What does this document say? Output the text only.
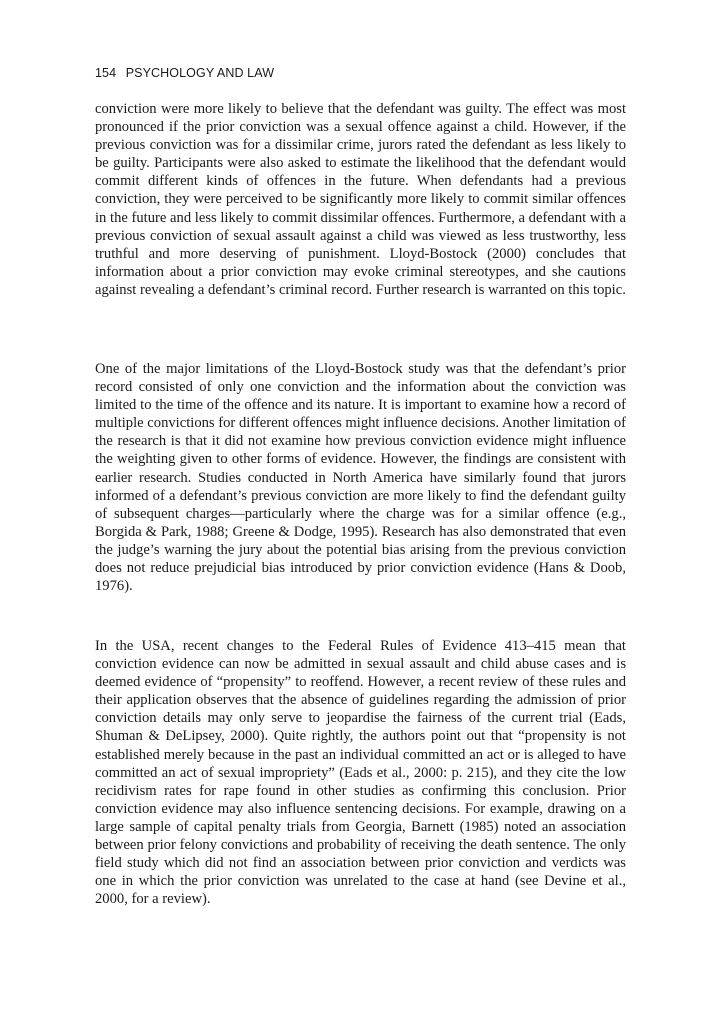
154 PSYCHOLOGY AND LAW

conviction were more likely to believe that the defendant was guilty. The effect was most pronounced if the prior conviction was a sexual offence against a child. However, if the previous conviction was for a dissimilar crime, jurors rated the defendant as less likely to be guilty. Participants were also asked to estimate the likelihood that the defendant would commit different kinds of offences in the future. When defendants had a previous conviction, they were perceived to be significantly more likely to commit similar offences in the future and less likely to commit dissimilar offences. Furthermore, a defendant with a previous conviction of sexual assault against a child was viewed as less trustworthy, less truthful and more deserving of punishment. Lloyd-Bostock (2000) concludes that information about a prior conviction may evoke criminal stereotypes, and she cautions against revealing a defendant’s criminal record. Further research is warranted on this topic.

One of the major limitations of the Lloyd-Bostock study was that the defendant’s prior record consisted of only one conviction and the information about the conviction was limited to the time of the offence and its nature. It is important to examine how a record of multiple convictions for different offences might influence decisions. Another limitation of the research is that it did not examine how previous conviction evidence might influence the weighting given to other forms of evidence. However, the findings are consistent with earlier research. Studies conducted in North America have similarly found that jurors informed of a defendant’s previous conviction are more likely to find the defendant guilty of subsequent charges—particularly where the charge was for a similar offence (e.g., Borgida & Park, 1988; Greene & Dodge, 1995). Research has also demonstrated that even the judge’s warning the jury about the potential bias arising from the previous conviction does not reduce prejudicial bias introduced by prior conviction evidence (Hans & Doob, 1976).

In the USA, recent changes to the Federal Rules of Evidence 413–415 mean that conviction evidence can now be admitted in sexual assault and child abuse cases and is deemed evidence of “propensity” to reoffend. However, a recent review of these rules and their application observes that the absence of guidelines regarding the admission of prior conviction details may only serve to jeopardise the fairness of the current trial (Eads, Shuman & DeLipsey, 2000). Quite rightly, the authors point out that “propensity is not established merely because in the past an individual committed an act or is alleged to have committed an act of sexual impropriety” (Eads et al., 2000: p. 215), and they cite the low recidivism rates for rape found in other studies as confirming this conclusion. Prior conviction evidence may also influence sentencing decisions. For example, drawing on a large sample of capital penalty trials from Georgia, Barnett (1985) noted an association between prior felony convictions and probability of receiving the death sentence. The only field study which did not find an association between prior conviction and verdicts was one in which the prior conviction was unrelated to the case at hand (see Devine et al., 2000, for a review).
